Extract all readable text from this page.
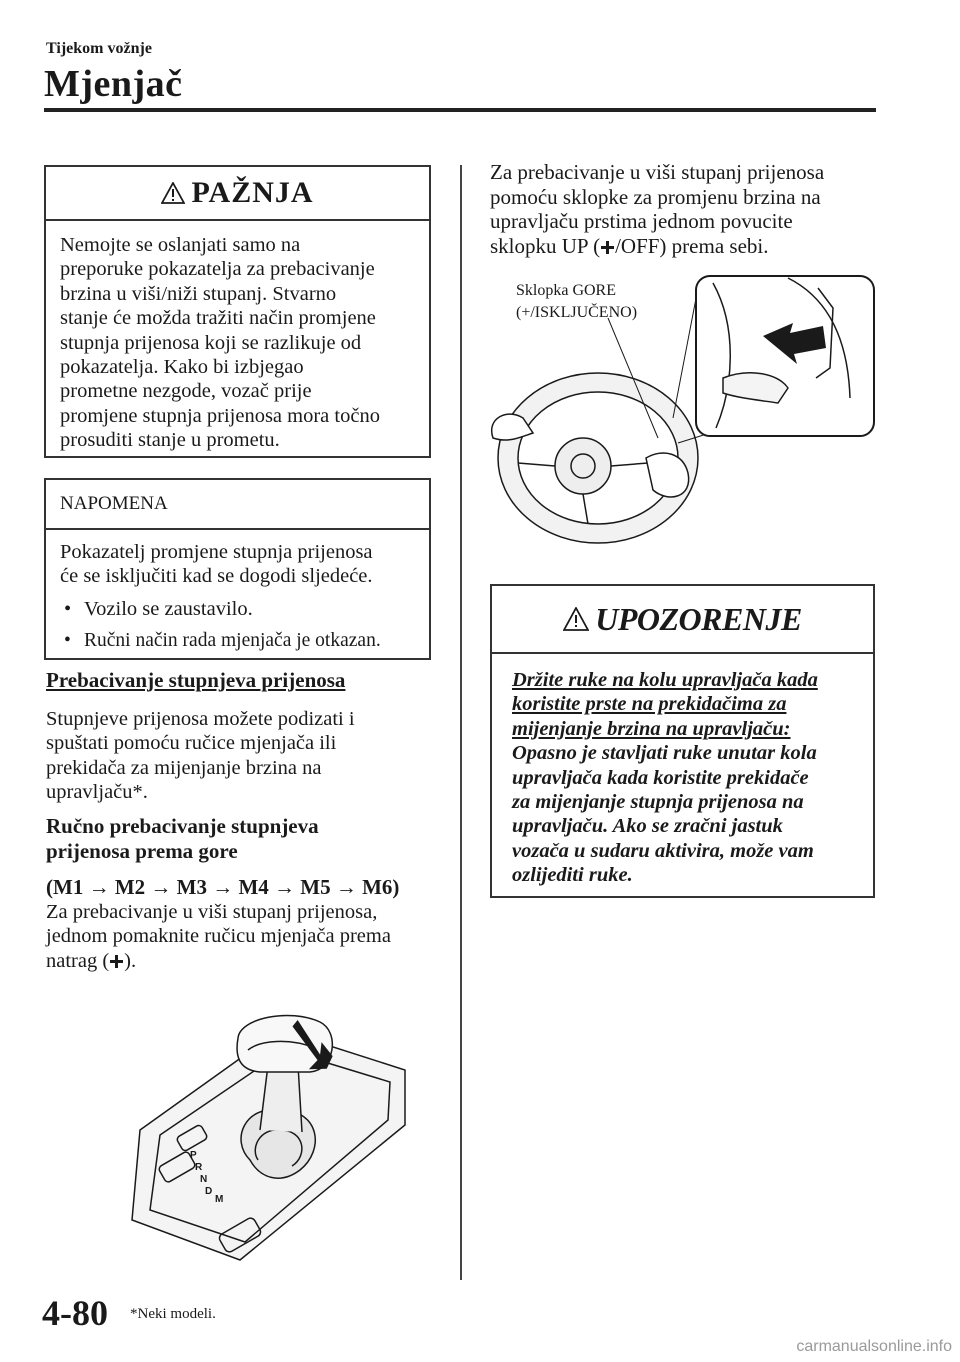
Tijekom vožnje
Mjenjač
PAŽNJA
Nemojte se oslanjati samo na
preporuke pokazatelja za prebacivanje
brzina u viši/niži stupanj. Stvarno
stanje će možda tražiti način promjene
stupnja prijenosa koji se razlikuje od
pokazatelja. Kako bi izbjegao
prometne nezgode, vozač prije
promjene stupnja prijenosa mora točno
prosuditi stanje u prometu.
NAPOMENA
Pokazatelj promjene stupnja prijenosa
će se isključiti kad se dogodi sljedeće.
• Vozilo se zaustavilo.
• Ručni način rada mjenjača je otkazan.
Prebacivanje stupnjeva prijenosa
Stupnjeve prijenosa možete podizati i
spuštati pomoću ručice mjenjača ili
prekidača za mijenjanje brzina na
upravljaču*.
Ručno prebacivanje stupnjeva
prijenosa prema gore
(M1 → M2 → M3 → M4 → M5 → M6)
Za prebacivanje u viši stupanj prijenosa,
jednom pomaknite ručicu mjenjača prema
natrag ( ).
P
R
N
D
M
Za prebacivanje u viši stupanj prijenosa
pomoću sklopke za promjenu brzina na
upravljaču prstima jednom povucite
sklopku UP ( /OFF) prema sebi.
Sklopka GORE
(+/ISKLJUČENO)
UPOZORENJE
Držite ruke na kolu upravljača kada
koristite prste na prekidačima za
mijenjanje brzina na upravljaču:
Opasno je stavljati ruke unutar kola
upravljača kada koristite prekidače
za mijenjanje stupnja prijenosa na
upravljaču. Ako se zračni jastuk
vozača u sudaru aktivira, može vam
ozlijediti ruke.
4-80 *Neki modeli.
carmanualsonline.info
